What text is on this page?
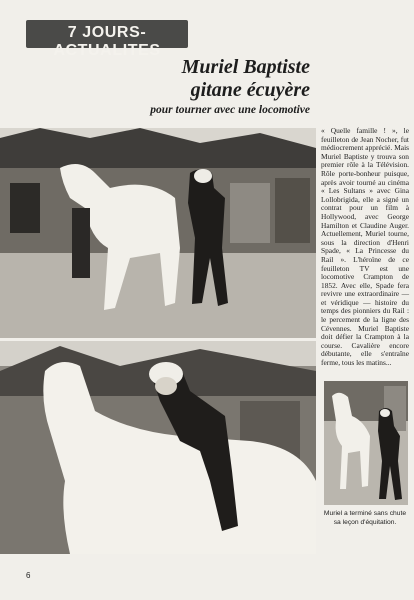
7 JOURS-ACTUALITES
Muriel Baptiste
gitane écuyère
pour tourner avec une locomotive
« Quelle famille ! », le feuilleton de Jean Nocher, fut médiocrement apprécié. Mais Muriel Baptiste y trouva son premier rôle à la Télévision. Rôle porte-bonheur puisque, après avoir tourné au cinéma « Les Sultans » avec Gina Lollobrigida, elle a signé un contrat pour un film à Hollywood, avec George Hamilton et Claudine Auger. Actuellement, Muriel tourne, sous la direction d'Henri Spade, « La Princesse du Rail ». L'héroïne de ce feuilleton TV est une locomotive Crampton de 1852. Avec elle, Spade fera revivre une extraordinaire — et véridique — histoire du temps des pionniers du Rail : le percement de la ligne des Cévennes. Muriel Baptiste doit défier la Crampton à la course. Cavalière encore débutante, elle s'entraîne ferme, tous les matins...
Muriel a terminé sans chute sa leçon d'équitation.
6
